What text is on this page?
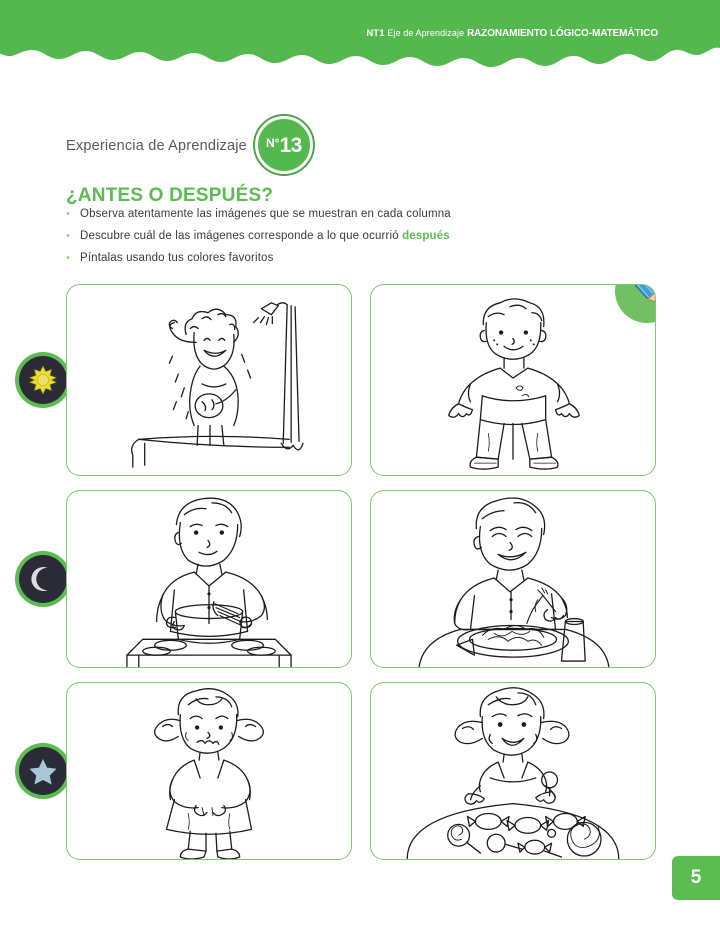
NT1 Eje de Aprendizaje RAZONAMIENTO LÓGICO-MATEMÁTICO
Experiencia de Aprendizaje N° 13
¿ANTES O DESPUÉS?
• Observa atentamente las imágenes que se muestran en cada columna
• Descubre cuál de las imágenes corresponde a lo que ocurrió después
• Píntalas usando tus colores favoritos
5
